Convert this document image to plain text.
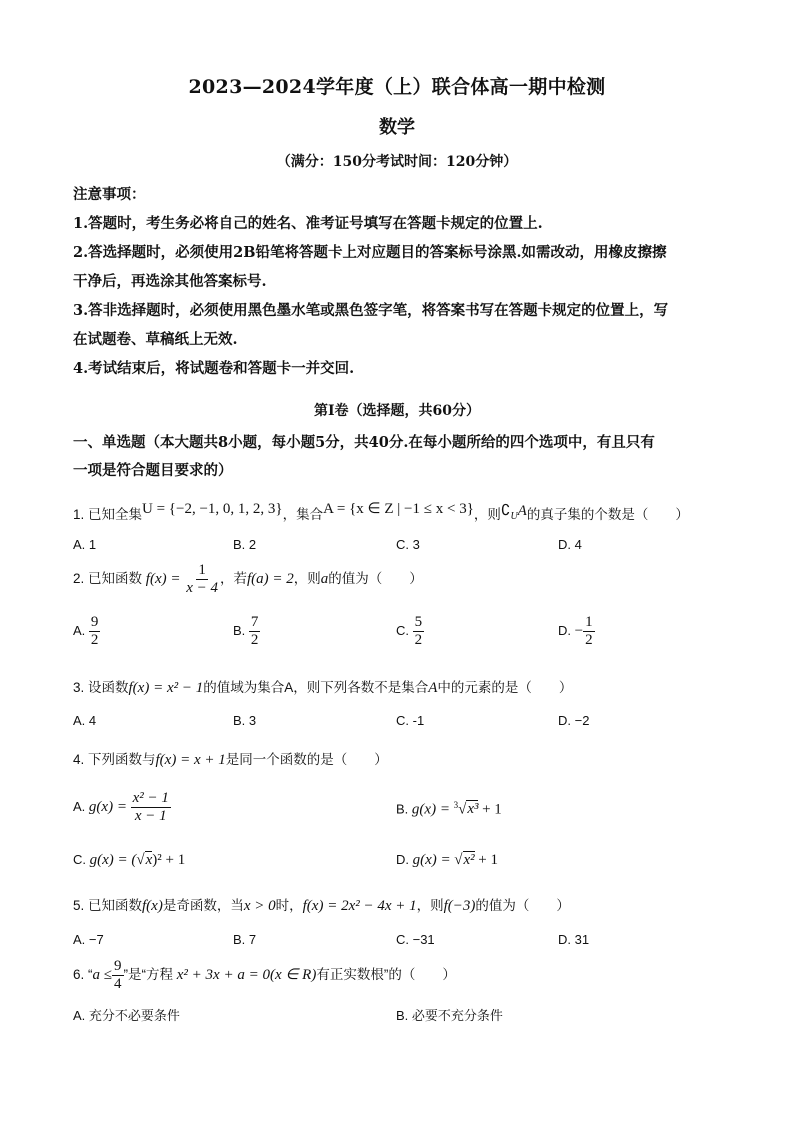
2023—2024学年度（上）联合体高一期中检测
数学
（满分：150分考试时间：120分钟）
注意事项：
1.答题时，考生务必将自己的姓名、准考证号填写在答题卡规定的位置上.
2.答选择题时，必须使用2B铅笔将答题卡上对应题目的答案标号涂黑.如需改动，用橡皮擦擦
干净后，再选涂其他答案标号.
3.答非选择题时，必须使用黑色墨水笔或黑色签字笔，将答案书写在答题卡规定的位置上，写
在试题卷、草稿纸上无效.
4.考试结束后，将试题卷和答题卡一并交回.
第I卷（选择题，共60分）
一、单选题（本大题共8小题，每小题5分，共40分.在每小题所给的四个选项中，有且只有
一项是符合题目要求的）
1. 已知全集U = {−2, −1, 0, 1, 2, 3}，集合A = {x ∈ Z | −1 ≤ x < 3}，则$∁_UA$的真子集的个数是（　　）
A. 1	B. 2	C. 3	D. 4
2. 已知函数 $f(x) = \frac{1}{x - 4}$ ，若f(a) = 2，则a的值为（　　）
A. $\frac{9}{2}$	B. $\frac{7}{2}$	C. $\frac{5}{2}$	D. − $\frac{1}{2}$
3. 设函数f(x) = x² − 1的值域为集合A，则下列各数不是集合A中的元素的是（　　）
A. 4	B. 3	C. -1	D. −2
4. 下列函数与f(x) = x + 1是同一个函数的是（　　）
A. $g(x) = \frac{\text{x² − 1}}{x - 1}$	B. g(x) = $^3$√x³ + 1
C. g(x) = (√x)² + 1	D. g(x) = √x² + 1
5. 已知函数f(x)是奇函数，当x > 0时，f(x) = 2x² − 4x + 1，则f(−3)的值为（　　）
A. −7	B. 7	C. −31	D. 31
6. “$a \le \frac{9}{4}$ ”是“方程 x² + 3x + a = 0(x ∈ R)有正实数根”的（　　）
A. 充分不必要条件	B. 必要不充分条件
